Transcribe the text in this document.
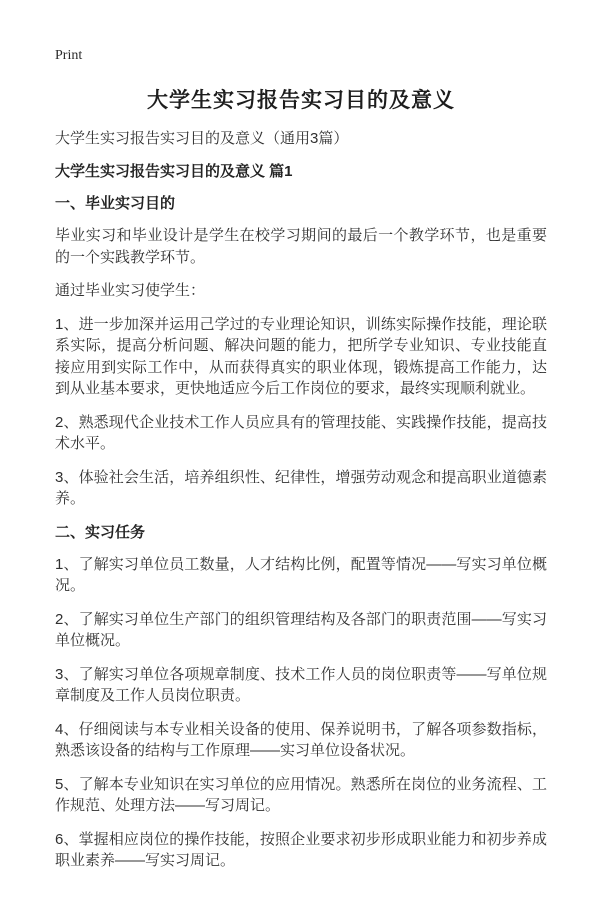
Print
大学生实习报告实习目的及意义

大学生实习报告实习目的及意义（通用3篇）

大学生实习报告实习目的及意义 篇1
一、毕业实习目的

毕业实习和毕业设计是学生在校学习期间的最后一个教学环节，也是重要的一个实践教学环节。

通过毕业实习使学生：

1、进一步加深并运用己学过的专业理论知识，训练实际操作技能，理论联系实际，提高分析问题、解决问题的能力，把所学专业知识、专业技能直接应用到实际工作中，从而获得真实的职业体现，锻炼提高工作能力，达到从业基本要求，更快地适应今后工作岗位的要求，最终实现顺利就业。

2、熟悉现代企业技术工作人员应具有的管理技能、实践操作技能，提高技术水平。

3、体验社会生活，培养组织性、纪律性，增强劳动观念和提高职业道德素养。

二、实习任务

1、了解实习单位员工数量，人才结构比例，配置等情况——写实习单位概况。

2、了解实习单位生产部门的组织管理结构及各部门的职责范围——写实习单位概况。

3、了解实习单位各项规章制度、技术工作人员的岗位职责等——写单位规章制度及工作人员岗位职责。

4、仔细阅读与本专业相关设备的使用、保养说明书，了解各项参数指标，熟悉该设备的结构与工作原理——实习单位设备状况。

5、了解本专业知识在实习单位的应用情况。熟悉所在岗位的业务流程、工作规范、处理方法——写习周记。

6、掌握相应岗位的操作技能，按照企业要求初步形成职业能力和初步养成职业素养——写实习周记。
